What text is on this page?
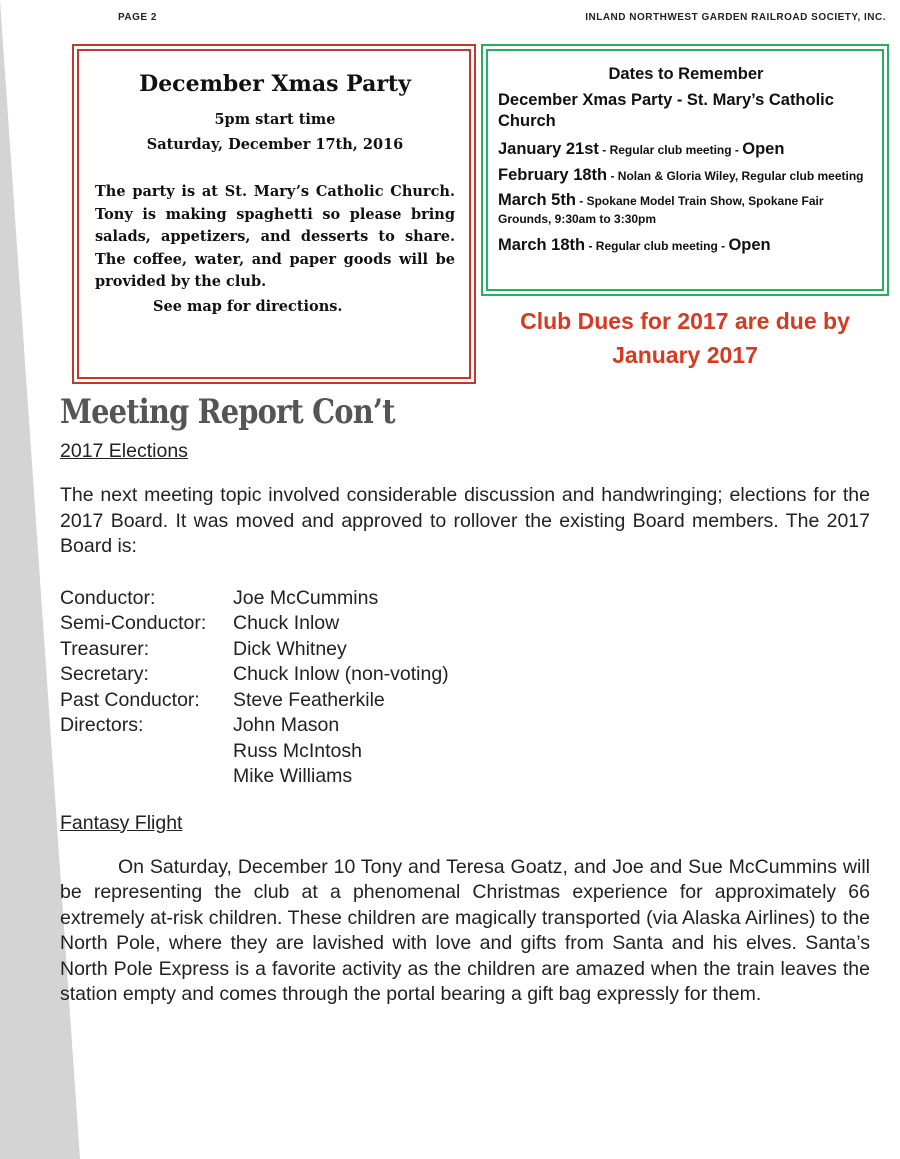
PAGE 2	INLAND NORTHWEST GARDEN RAILROAD SOCIETY, INC.

December Xmas Party

5pm start time

Saturday, December 17th, 2016

The party is at St. Mary’s Catholic Church. Tony is making spaghetti so please bring salads, appetizers, and desserts to share. The coffee, water, and paper goods will be provided by the club.

See map for directions.

Dates to Remember

December Xmas Party - St. Mary’s Catholic Church

January 21st - Regular club meeting - Open

February 18th - Nolan & Gloria Wiley, Regular club meeting

March 5th - Spokane Model Train Show, Spokane Fair Grounds, 9:30am to 3:30pm

March 18th - Regular club meeting - Open

Club Dues for 2017 are due by January 2017
Meeting Report Con’t
2017 Elections

The next meeting topic involved considerable discussion and handwringing; elections for the 2017 Board. It was moved and approved to rollover the existing Board members. The 2017 Board is:

Conductor:	Joe McCummins
Semi-Conductor:	Chuck Inlow
Treasurer:	Dick Whitney
Secretary:	Chuck Inlow (non-voting)
Past Conductor:	Steve Featherkile
Directors:	John Mason
Russ McIntosh
Mike Williams
Fantasy Flight

On Saturday, December 10 Tony and Teresa Goatz, and Joe and Sue McCummins will be representing the club at a phenomenal Christmas experience for approximately 66 extremely at-risk children. These children are magically transported (via Alaska Airlines) to the North Pole, where they are lavished with love and gifts from Santa and his elves. Santa’s North Pole Express is a favorite activity as the children are amazed when the train leaves the station empty and comes through the portal bearing a gift bag expressly for them.
